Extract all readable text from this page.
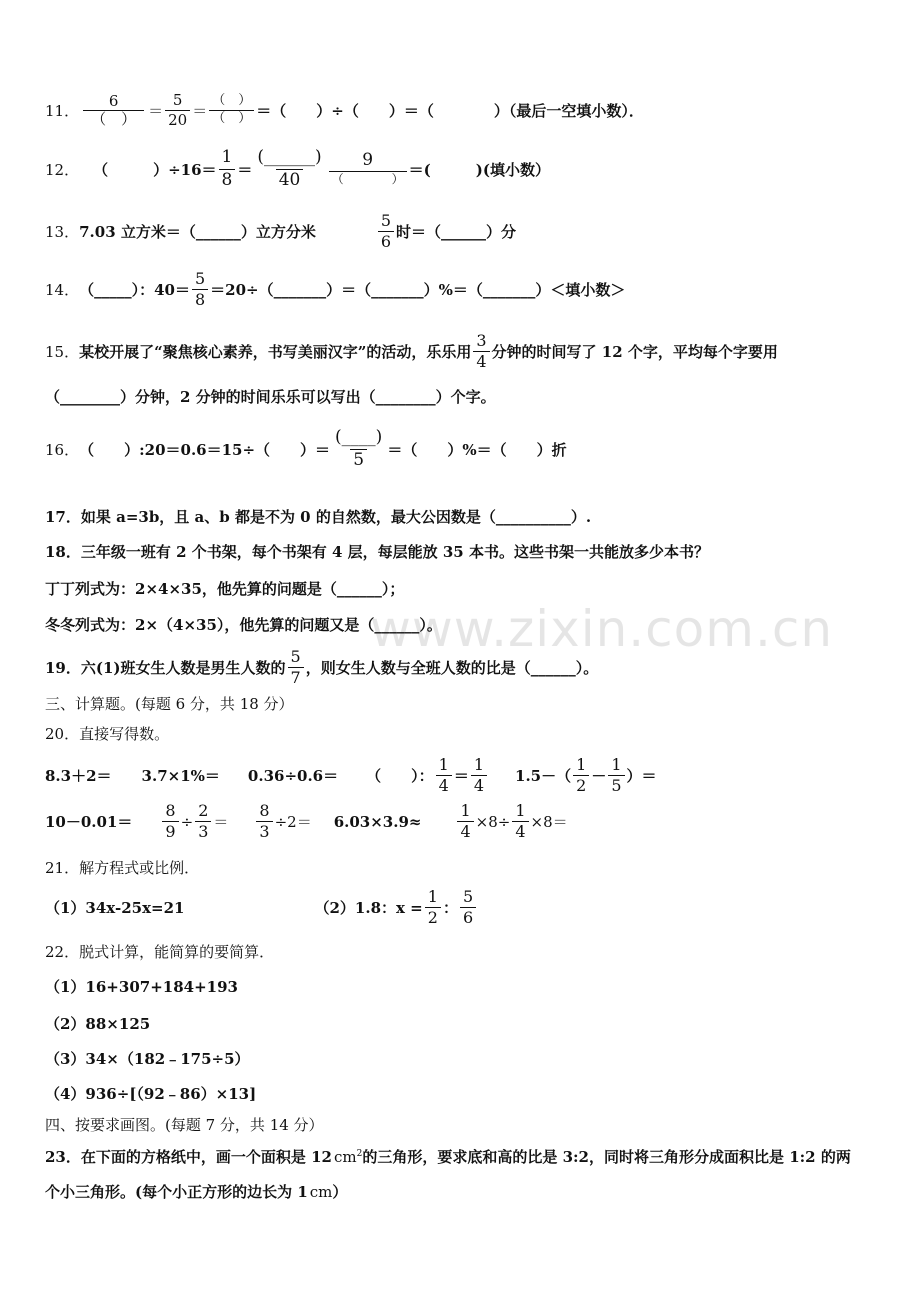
www.zixin.com.cn
11． $\frac{6}{( )} = \frac{5}{20} = \frac{( )}{( )}$ ＝（　　）÷（　　）＝（　　　　）（最后一空填小数）．
12． （　　　）$\div 16= \frac{1}{8} = \frac{(\_\_\_\_\_\_)}{40} \frac{9}{( )}$ ＝(　　　)(填小数）
13． 7.03 立方米＝（______）立方分米	$\frac{5}{6}$ 时＝（______）分
14． （_____）：$40= \frac{5}{8}$ ＝20÷（_______）＝（_______）%＝（_______）＜填小数＞
15． 某校开展了“聚焦核心素养，书写美丽汉字”的活动，乐乐用 $\frac{3}{4}$ 分钟的时间写了 12 个字，平均每个字要用
（________）分钟，2 分钟的时间乐乐可以写出（________）个字。
16． （　　）:20＝0.6＝15÷（　　）＝ $\frac{(\_\_\_\_)}{5}$ ＝（　　）%＝（　　）折
17．如果 a=3b，且 a、b 都是不为 0 的自然数，最大公因数是（__________）.
18．三年级一班有 2 个书架，每个书架有 4 层，每层能放 35 本书。这些书架一共能放多少本书？
丁丁列式为：2×4×35，他先算的问题是（______）；
冬冬列式为：2×（4×35），他先算的问题又是（______）。
19．六(1)班女生人数是男生人数的 $\frac{5}{7}$ ，则女生人数与全班人数的比是（______）。
三、计算题。(每题 6 分，共 18 分）
20．直接写得数。
8.3＋2＝ 3.7×1%＝ 0.36÷0.6＝ （　　）： $\frac{1}{4} = \frac{1}{4} 1.5-( \frac{1}{2} - \frac{1}{5}$ ）＝
$10-0.01= \frac{8}{9} \div \frac{2}{3} = \frac{8}{3} \div 2= 6.03\times 3.9\approx \frac{1}{4} \times 8\div \frac{1}{4} \times 8=$
21．解方程式或比例．
（1）34x-25x=21	（2）1.8：$x = \frac{1}{2}$ ： $\frac{5}{6}$
22．脱式计算，能简算的要简算．
（1）16+307+184+193
（2）88×125
（3）34×（182﹣175÷5）
（4）936÷[（92﹣86）×13]
四、按要求画图。(每题 7 分，共 14 分）
23．在下面的方格纸中，画一个面积是 12 $cm^2$ 的三角形，要求底和高的比是 3:2，同时将三角形分成面积比是 1:2 的两
个小三角形。(每个小正方形的边长为 1 cm ）
